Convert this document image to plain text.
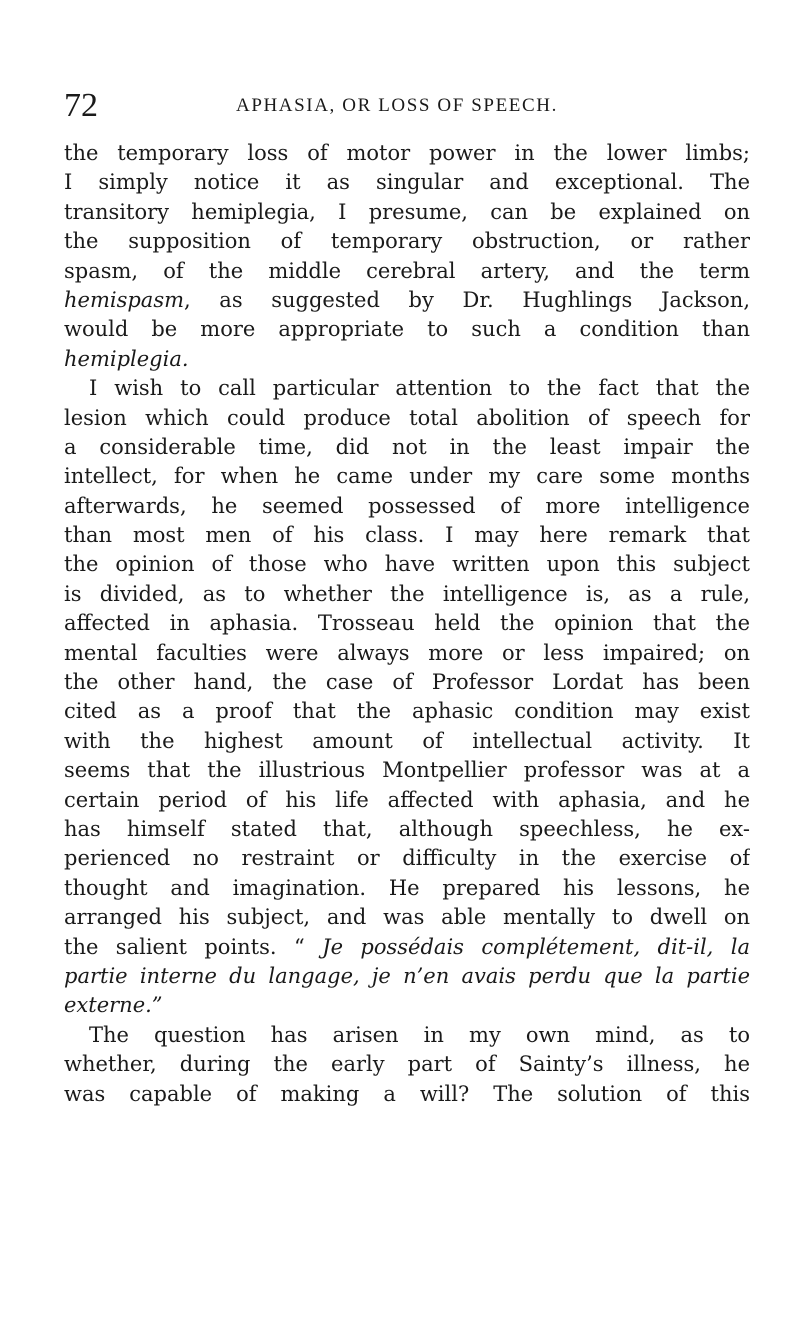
72	APHASIA, OR LOSS OF SPEECH.

the temporary loss of motor power in the lower limbs;

I simply notice it as singular and exceptional. The

transitory hemiplegia, I presume, can be explained on

the supposition of temporary obstruction, or rather

spasm, of the middle cerebral artery, and the term

hemispasm, as suggested by Dr. Hughlings Jackson,

would be more appropriate to such a condition than

hemiplegia.

I wish to call particular attention to the fact that the

lesion which could produce total abolition of speech for

a considerable time, did not in the least impair the

intellect, for when he came under my care some months

afterwards, he seemed possessed of more intelligence

than most men of his class. I may here remark that

the opinion of those who have written upon this subject

is divided, as to whether the intelligence is, as a rule,

affected in aphasia. Trosseau held the opinion that the

mental faculties were always more or less impaired; on

the other hand, the case of Professor Lordat has been

cited as a proof that the aphasic condition may exist

with the highest amount of intellectual activity. It

seems that the illustrious Montpellier professor was at a

certain period of his life affected with aphasia, and he

has himself stated that, although speechless, he ex-

perienced no restraint or difficulty in the exercise of

thought and imagination. He prepared his lessons, he

arranged his subject, and was able mentally to dwell on

the salient points. “ Je possédais complétement, dit-il, la

partie interne du langage, je n’en avais perdu que la partie

externe.”

The question has arisen in my own mind, as to

whether, during the early part of Sainty’s illness, he

was capable of making a will? The solution of this
